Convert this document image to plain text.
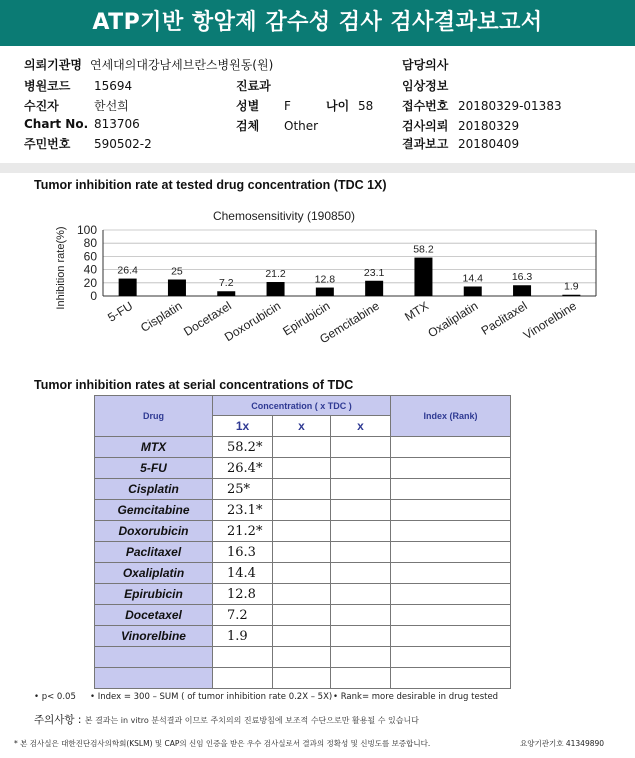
ATP기반 항암제 감수성 검사 검사결과보고서
의뢰기관명 연세대의대강남세브란스병원동(원)
병원코드 15694
수진자	한선희
Chart No. 813706
주민번호 590502-2
진료과
성별 F	나이 58
검체 Other
담당의사
임상정보
접수번호 20180329-01383
검사의뢰 20180329
결과보고 20180409
Tumor inhibition rate at tested drug concentration (TDC 1X)
Chemosensitivity (190850)
Inhibition rate(%) 0
20
40
60
80
100
5-FU Cisplatin
Docetaxel
Doxorubicin
Epirubicin
Gemcitabine MTX
Oxaliplatin
Paclitaxel
Vinorelbine
26.4	25
7.2
21.2	12.8
23.1
58.2
14.4	16.3
1.9
Tumor inhibition rates at serial concentrations of TDC
Drug	Concentration ( x TDC )			Index (Rank)
	1x	x	x	
MTX	58.2*			
5-FU	26.4*			
Cisplatin	25*			
Gemcitabine	23.1*			
Doxorubicin	21.2*			
Paclitaxel	16.3			
Oxaliplatin	14.4			
Epirubicin	12.8			
Docetaxel	7.2			
Vinorelbine	1.9			

• p< 0.05 • Index = 300 – SUM ( of tumor inhibition rate 0.2X – 5X) • Rank= more desirable in drug tested
주의사항 : 본 결과는 in vitro 분석결과 이므로 주치의의 진료방침에 보조적 수단으로만 활용될 수 있습니다
* 본 검사실은 대한진단검사의학회(KSLM) 및 CAP의 신임 인증을 받은 우수 검사실로서 결과의 정확성 및 신빙도를 보증합니다.	요양기관기호 41349890
